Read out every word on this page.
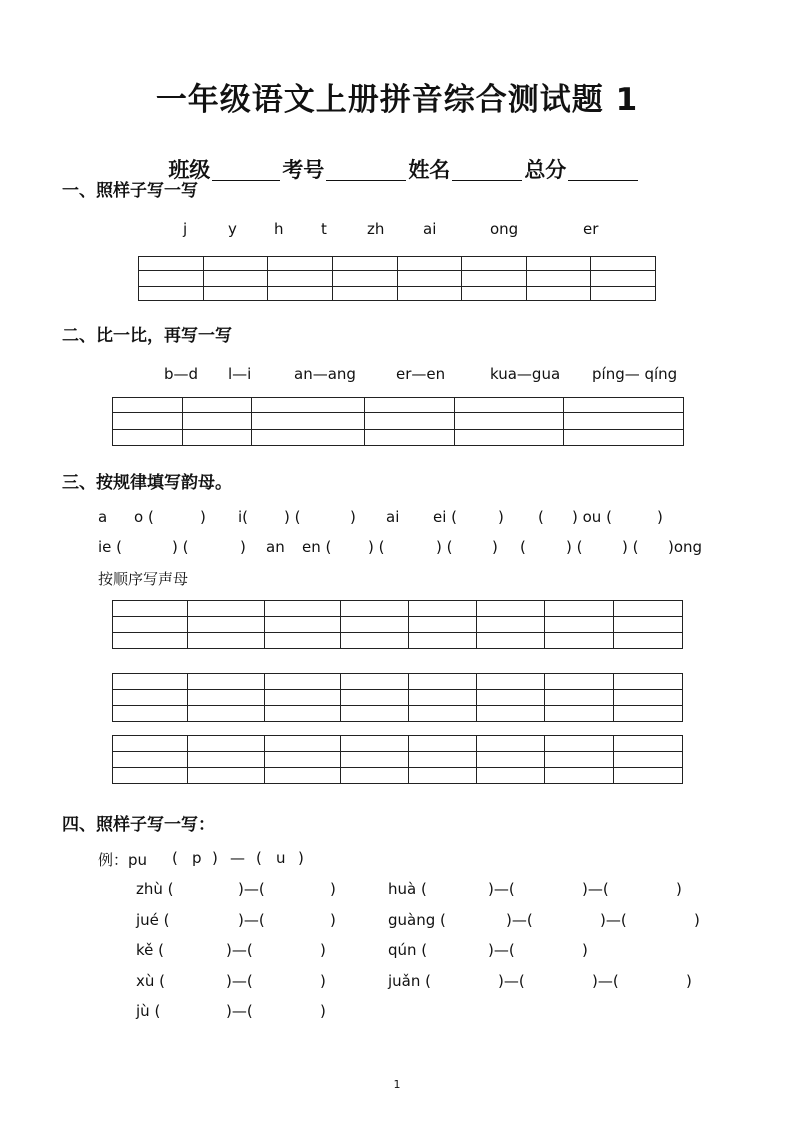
一年级语文上册拼音综合测试题 1

班级	考号	姓名	总分

一、照样子写一写
j	y h t	zh	ai	ong	er

二、比一比，再写一写
b—d l—i	an—ang	er—en	kua—gua píng— qíng

三、按规律填写韵母。
a o (	) i( ) (	) ai ei (	) ( ) ou (	)
ie (	) (	) an en ( ) (	) (	) (	) (	) ( )ong
按顺序写声母

四、照样子写一写：
例：pu ( p ) — ( u )
zhù (	)—(	)	huà (	)—(	)—(	)
jué (	)—(	)	guàng (	)—(	)—(	)
kě (	)—(	)	qún (	)—(	)
xù (	)—(	)	juǎn (	)—(	)—(	)
jù (	)—(	)
1
